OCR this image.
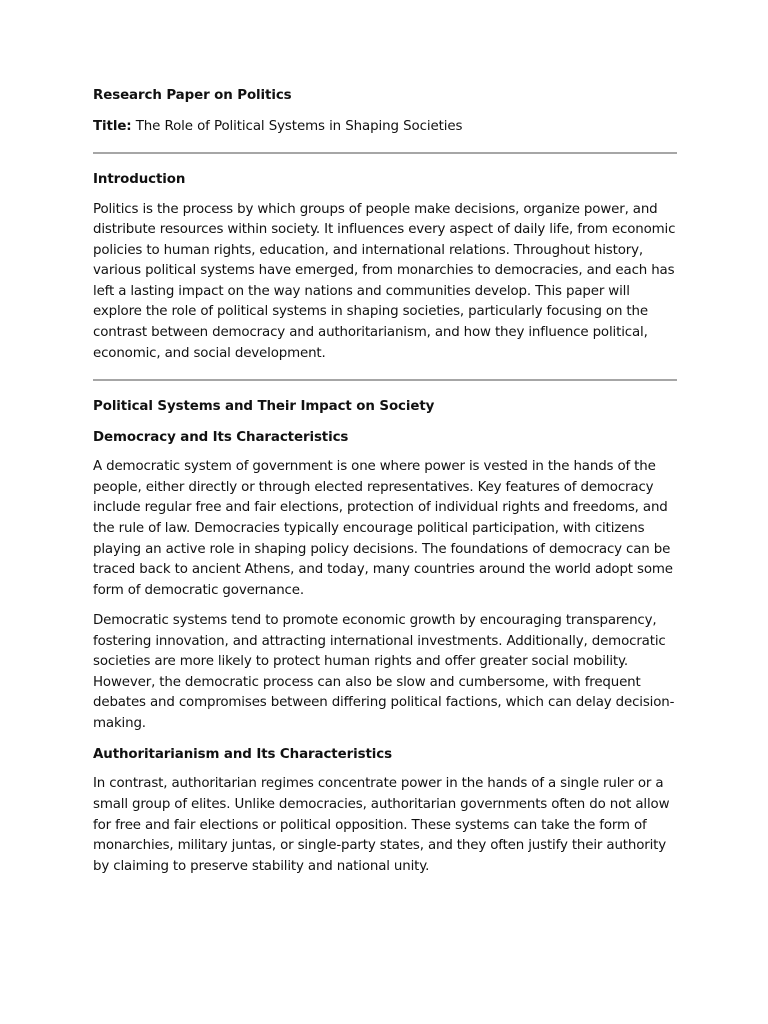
Research Paper on Politics

Title: The Role of Political Systems in Shaping Societies

Introduction

Politics is the process by which groups of people make decisions, organize power, and distribute resources within society. It influences every aspect of daily life, from economic policies to human rights, education, and international relations. Throughout history, various political systems have emerged, from monarchies to democracies, and each has left a lasting impact on the way nations and communities develop. This paper will explore the role of political systems in shaping societies, particularly focusing on the contrast between democracy and authoritarianism, and how they influence political, economic, and social development.

Political Systems and Their Impact on Society

Democracy and Its Characteristics

A democratic system of government is one where power is vested in the hands of the people, either directly or through elected representatives. Key features of democracy include regular free and fair elections, protection of individual rights and freedoms, and the rule of law. Democracies typically encourage political participation, with citizens playing an active role in shaping policy decisions. The foundations of democracy can be traced back to ancient Athens, and today, many countries around the world adopt some form of democratic governance.

Democratic systems tend to promote economic growth by encouraging transparency, fostering innovation, and attracting international investments. Additionally, democratic societies are more likely to protect human rights and offer greater social mobility. However, the democratic process can also be slow and cumbersome, with frequent debates and compromises between differing political factions, which can delay decision-making.

Authoritarianism and Its Characteristics

In contrast, authoritarian regimes concentrate power in the hands of a single ruler or a small group of elites. Unlike democracies, authoritarian governments often do not allow for free and fair elections or political opposition. These systems can take the form of monarchies, military juntas, or single-party states, and they often justify their authority by claiming to preserve stability and national unity.
